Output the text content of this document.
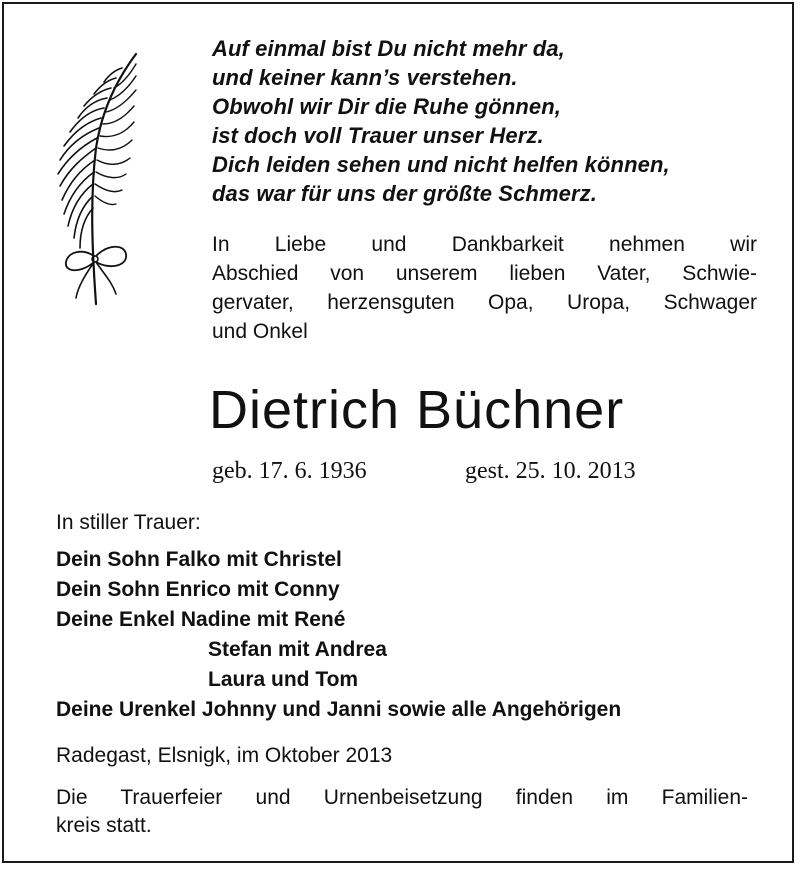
Auf einmal bist Du nicht mehr da,
und keiner kann’s verstehen.
Obwohl wir Dir die Ruhe gönnen,
ist doch voll Trauer unser Herz.
Dich leiden sehen und nicht helfen können,
das war für uns der größte Schmerz.
In Liebe und Dankbarkeit nehmen wir
Abschied von unserem lieben Vater, Schwie-
gervater, herzensguten Opa, Uropa, Schwager
und Onkel
Dietrich Büchner
geb. 17. 6. 1936	gest. 25. 10. 2013
In stiller Trauer:
Dein Sohn Falko mit Christel
Dein Sohn Enrico mit Conny
Deine Enkel Nadine mit René
Stefan mit Andrea
Laura und Tom
Deine Urenkel Johnny und Janni sowie alle Angehörigen
Radegast, Elsnigk, im Oktober 2013
Die Trauerfeier und Urnenbeisetzung finden im Familien-
kreis statt.
